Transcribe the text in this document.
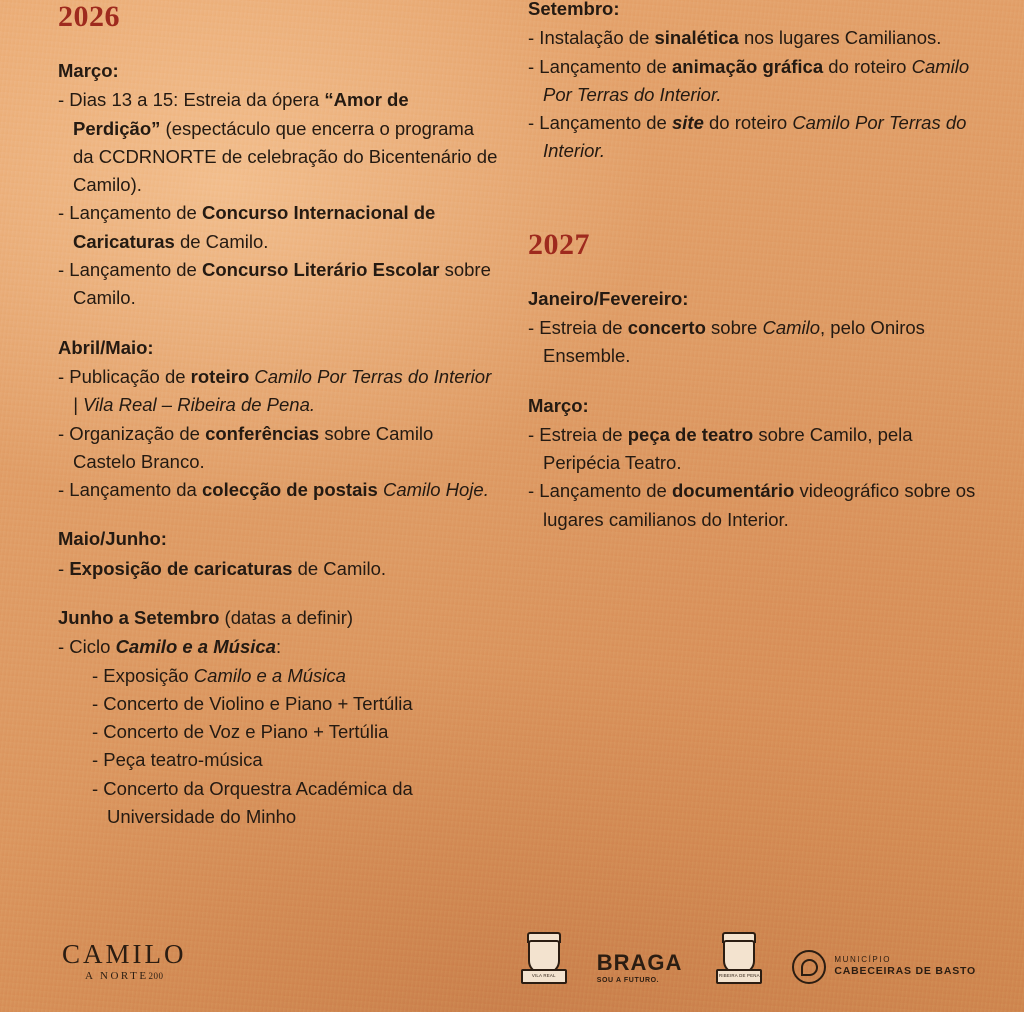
2026
Março:
- Dias 13 a 15: Estreia da ópera “Amor de Perdição” (espectáculo que encerra o programa da CCDRNORTE de celebração do Bicentenário de Camilo).
- Lançamento de Concurso Internacional de Caricaturas de Camilo.
- Lançamento de Concurso Literário Escolar sobre Camilo.
Abril/Maio:
- Publicação de roteiro Camilo Por Terras do Interior | Vila Real – Ribeira de Pena.
- Organização de conferências sobre Camilo Castelo Branco.
- Lançamento da colecção de postais Camilo Hoje.
Maio/Junho:
- Exposição de caricaturas de Camilo.
Junho a Setembro (datas a definir)
- Ciclo Camilo e a Música:
- Exposição Camilo e a Música
- Concerto de Violino e Piano + Tertúlia
- Concerto de Voz e Piano + Tertúlia
- Peça teatro-música
- Concerto da Orquestra Académica da Universidade do Minho
Setembro:
- Instalação de sinalética nos lugares Camilianos.
- Lançamento de animação gráfica do roteiro Camilo Por Terras do Interior.
- Lançamento de site do roteiro Camilo Por Terras do Interior.
2027
Janeiro/Fevereiro:
- Estreia de concerto sobre Camilo, pelo Oniros Ensemble.
Março:
- Estreia de peça de teatro sobre Camilo, pela Peripécia Teatro.
- Lançamento de documentário videográfico sobre os lugares camilianos do Interior.
CAMILO
A NORTE200	VILA REAL
BRAGA
SOU A FUTURO.
RIBEIRA DE PENA
MUNICÍPIO
CABECEIRAS DE BASTO
